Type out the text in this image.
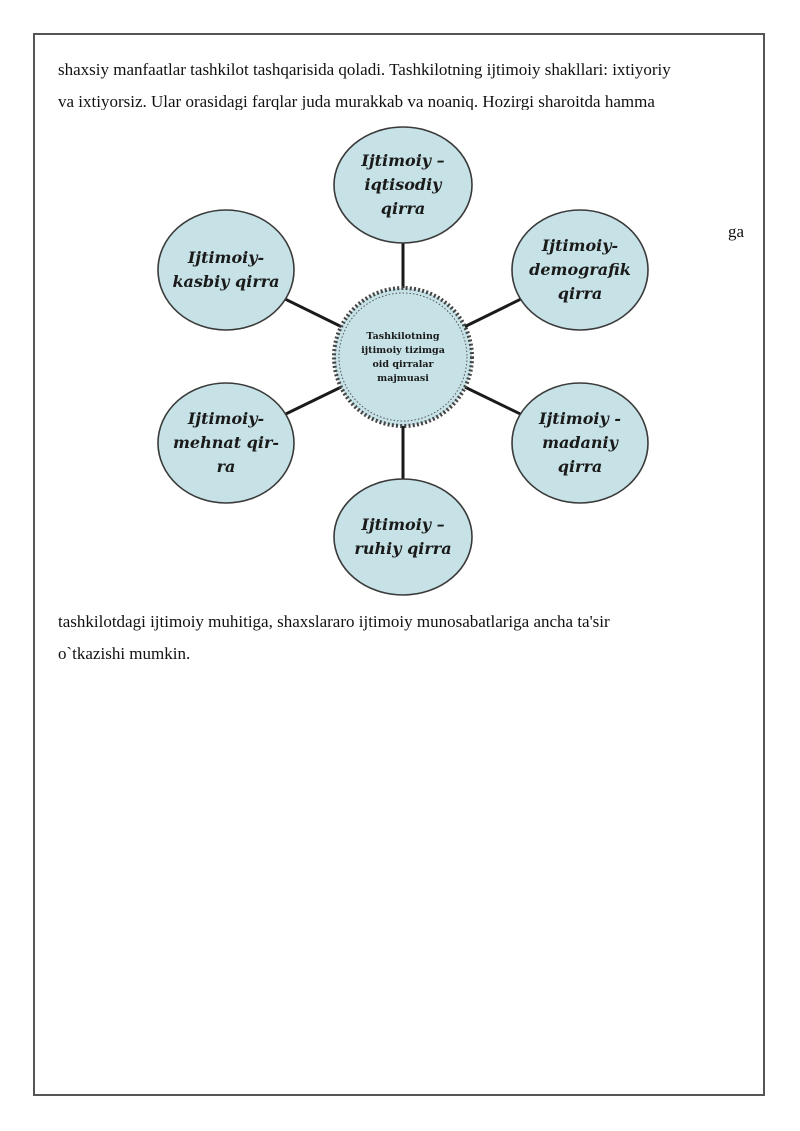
shaxsiy manfaatlar tashkilot tashqarisida qoladi. Tashkilotning ijtimoiy shakllari: ixtiyoriy
va ixtiyorsiz. Ular orasidagi farqlar juda murakkab va noaniq. Hozirgi sharoitda hamma
ga
Tashkilotning
ijtimoiy tizimga
oid qirralar
majmuasi
Ijtimoiy –
iqtisodiy
qirra
Ijtimoiy-
demografik
qirra
Ijtimoiy -
madaniy
qirra
Ijtimoiy –
ruhiy qirra
Ijtimoiy-
mehnat qir-
ra
Ijtimoiy-
kasbiy qirra
tashkilotdagi ijtimoiy muhitiga, shaxslararo ijtimoiy munosabatlariga ancha ta'sir
o`tkazishi mumkin.
